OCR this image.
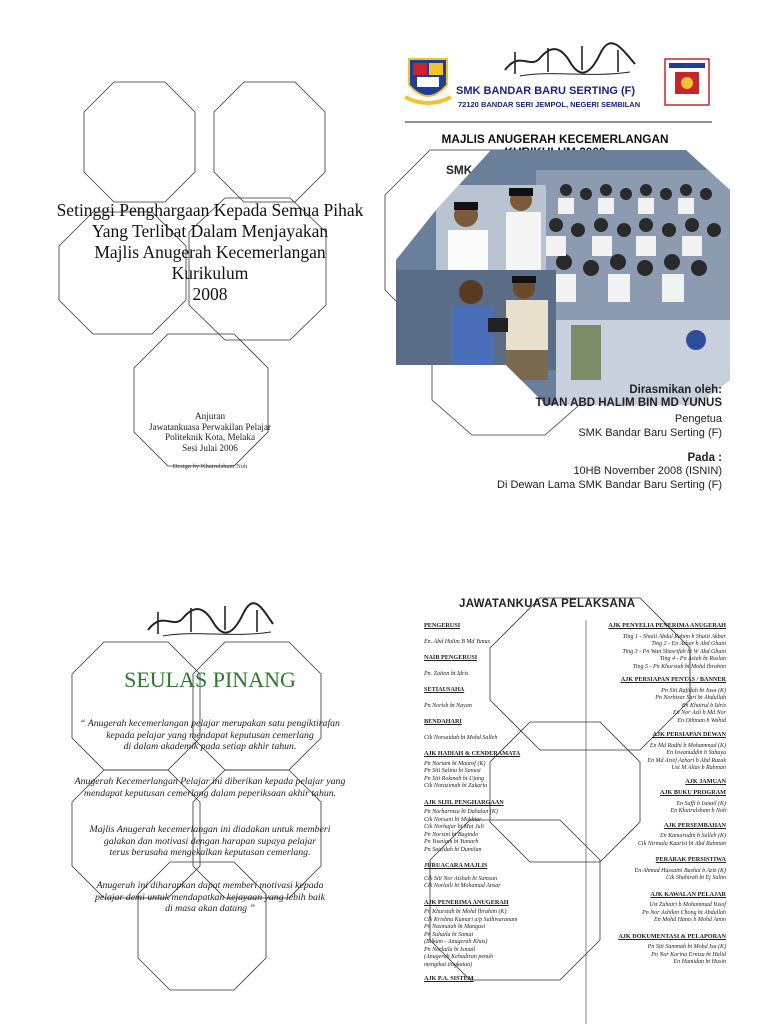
Setinggi Penghargaan Kepada Semua Pihak
Yang Terlibat Dalam Menjayakan
Majlis Anugerah Kecemerlangan
Kurikulum
2008
Anjuran
Jawatankuasa Perwakilan Pelajar
Politeknik Kota, Melaka
Sesi Julai 2006
Design by Khairulsham Noh
SMK BANDAR BARU SERTING (F)
72120 BANDAR SERI JEMPOL, NEGERI SEMBILAN
MAJLIS ANUGERAH KECEMERLANGAN
SMK
Dirasmikan oleh:
TUAN ABD HALIM BIN MD YUNUS
Pengetua
SMK Bandar Baru Serting (F)
Pada :
10HB November 2008 (ISNIN)
Di Dewan Lama SMK Bandar Baru Serting (F)
SEULAS PINANG
“ Anugerah kecemerlangan pelajar merupakan satu pengiktirafan
kepada pelajar yang mendapat keputusan cemerlang
di dalam akademik pada setiap akhir tahun.
Anugerah Kecemerlangan Pelajar ini diberikan kepada pelajar yang
mendapat keputusan cemerlang dalam peperiksaan akhir tahun.
Majlis Anugerah kecemerlangan ini diadakan untuk memberi
galakan dan motivasi dengan harapan supaya pelajar
terus berusaha mengekalkan keputusan cemerlang.
Anugerah ini diharapkan dapat memberi motivasi kepada
pelajar demi untuk mendapatkan kejayaan yang lebih baik
di masa akan datang ”
JAWATANKUASA PELAKSANA
PENGERUSI
En. Abd Halim B Md Yunus
NAIB PENGERUSI
Pn. Zaiton bt Idris
SETIAUSAHA
Pn Norish bt Nayan
BENDAHARI
Cik Norsaidah bt Mohd Salleh
AJK HADIAH & CENDERAMATA
Pn Noriam bt Maarof (K)
Pn Siti Salina bt Sanusi
Pn Siti Rokmah bt Ujang
Cik Norazimah bt Zakaria
AJK SIJIL PENGHARGAAN
Pn Norharniza bt Dahalan (K)
Cik Norsani bt Mokhtar
Cik Norhajar bt Mat Juli
Pn Norsini bt Bagindo
Pn Yusniam bt Yumarb
Pn Saizidah bt Dumilan
JURUACARA MAJLIS
Cik Siti Nor Aishah bt Samsan
Cik Norlaili bt Mohamad Ansar
AJK PENERIMA ANUGERAH
Pn Khursiah bt Mohd Ibrahim (K)
Cik Krishna Kumari a/p Sathivaranam
Pn Nasmaiah bt Mangasi
Pn Suhaila bt Samat
(Bilkam - Anugerah Khas)
Pn Norlaila bt Ismail
(Anugerah Kehadiran penuh
mengikut tingkatan)
AJK P.A. SISTEM
AJK PENYELIA PENERIMA ANUGERAH
Ting 1 - Shaiti Abdul Rahim b Shaiti Akbar
Ting 2 - En Azhar b Abd Ghani
Ting 3 - Pn Wan Shasrifah bt W Abd Ghani
Ting 4 - Pn Asiah bt Roslan
Ting 5 - Pn Khursiah bt Mohd Ibrahim
AJK PERSIAPAN PENTAS / BANNER
Pn Siti Rafidah bt Jusa (K)
Pn Norhizar Sari bt Abdullah
En Khairul b Idris
En Nor Azli b Md Nor
En Othman b Wahid
AJK PERSIAPAN DEWAN
En Md Radhi b Mohammad (K)
En Iswanuddin b Yahaya
En Md Arief Azhari b Abd Razak
Ust M Alias b Rahman
AJK JAMUAN
AJK BUKU PROGRAM
En Saffi b Ismail (K)
En Khairulsham b Noh
AJK PERSEMBAHAN
En Kamarudin b Salleh (K)
Cik Nirmala Kaurisi bt Abd Rahman
PERARAK PERSISTIWA
En Ahmad Hussaini Bashai b Aziz (K)
Cik Shahirah bt Ej Salim
AJK KAWALAN PELAJAR
Ust Zuhairi b Mohammad Yusof
Pn Nor Ashikin Chong bt Abdullah
En Mohd Hanis b Mohd Amin
AJK DOKUMENTASI & PELAPORAN
Pn Siti Sammah bt Mohd Isa (K)
Pn Nor Karina Erniza bt Halid
En Hamidan bt Husin
